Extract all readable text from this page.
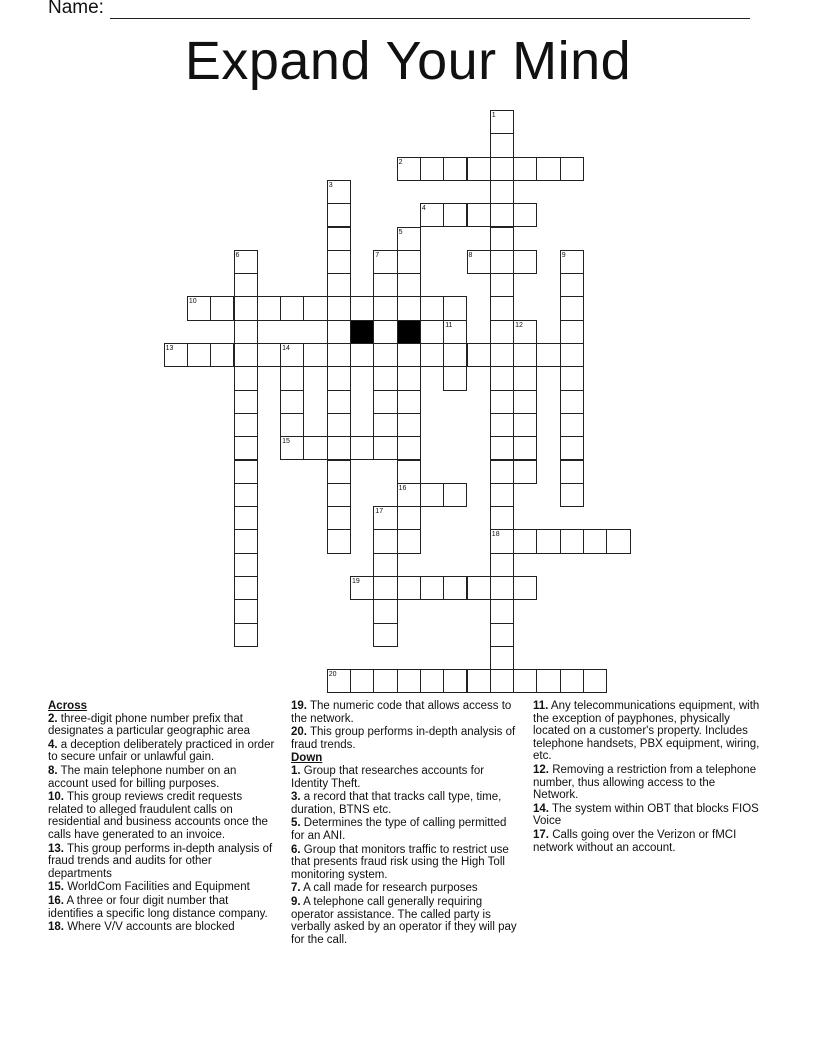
Name:
Expand Your Mind
1
2
3
4
5
6	7	8	9
10
11	12
13	14
15
16
17
18
19
20
Across
2. three-digit phone number prefix that designates a particular geographic area
4. a deception deliberately practiced in order to secure unfair or unlawful gain.
8. The main telephone number on an account used for billing purposes.
10. This group reviews credit requests related to alleged fraudulent calls on residential and business accounts once the calls have generated to an invoice.
13. This group performs in-depth analysis of fraud trends and audits for other departments
15. WorldCom Facilities and Equipment
16. A three or four digit number that identifies a specific long distance company.
18. Where V/V accounts are blocked
19. The numeric code that allows access to the network.
20. This group performs in-depth analysis of fraud trends.
Down
1. Group that researches accounts for Identity Theft.
3. a record that that tracks call type, time, duration, BTNS etc.
5. Determines the type of calling permitted for an ANI.
6. Group that monitors traffic to restrict use that presents fraud risk using the High Toll monitoring system.
7. A call made for research purposes
9. A telephone call generally requiring operator assistance. The called party is verbally asked by an operator if they will pay for the call.
11. Any telecommunications equipment, with the exception of payphones, physically located on a customer's property. Includes telephone handsets, PBX equipment, wiring, etc.
12. Removing a restriction from a telephone number, thus allowing access to the Network.
14. The system within OBT that blocks FIOS Voice
17. Calls going over the Verizon or fMCI network without an account.
